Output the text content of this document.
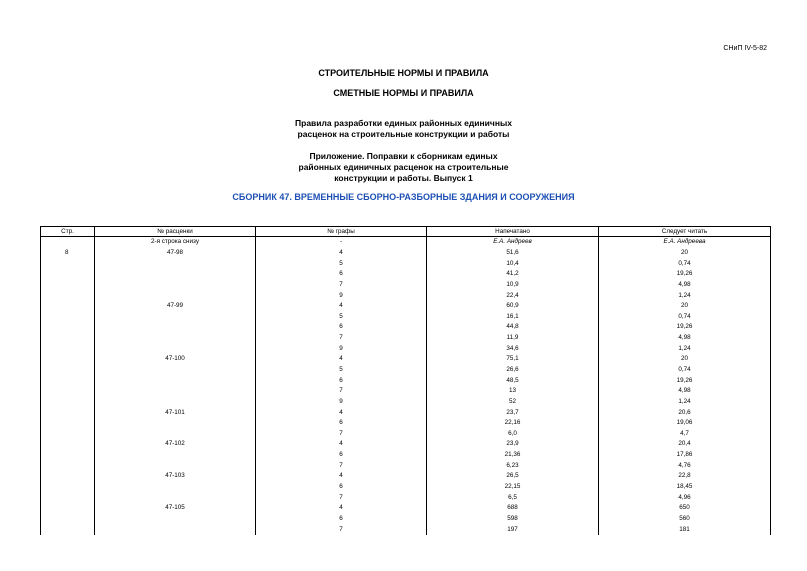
СНиП IV-5-82
СТРОИТЕЛЬНЫЕ НОРМЫ И ПРАВИЛА
СМЕТНЫЕ НОРМЫ И ПРАВИЛА
Правила разработки единых районных единичных
расценок на строительные конструкции и работы
Приложение. Поправки к сборникам единых
районных единичных расценок на строительные
конструкции и работы. Выпуск 1
СБОРНИК 47. ВРЕМЕННЫЕ СБОРНО-РАЗБОРНЫЕ ЗДАНИЯ И СООРУЖЕНИЯ
Стр.	№ расценки	№ графы	Напечатано	Следует читать
	2-я строка снизу	-	Е.А. Андреев	Е.А. Андреева
8	47-98	4	51,6	20
		5	10,4	0,74
		6	41,2	19,26
		7	10,9	4,98
		9	22,4	1,24
	47-99	4	60,9	20
		5	16,1	0,74
		6	44,8	19,26
		7	11,9	4,98
		9	34,6	1,24
	47-100	4	75,1	20
		5	26,6	0,74
		6	48,5	19,26
		7	13	4,98
		9	52	1,24
	47-101	4	23,7	20,6
		6	22,16	19,06
		7	6,0	4,7
	47-102	4	23,9	20,4
		6	21,36	17,86
		7	6,23	4,76
	47-103	4	26,5	22,8
		6	22,15	18,45
		7	6,5	4,96
	47-105	4	688	650
		6	598	560
		7	197	181
